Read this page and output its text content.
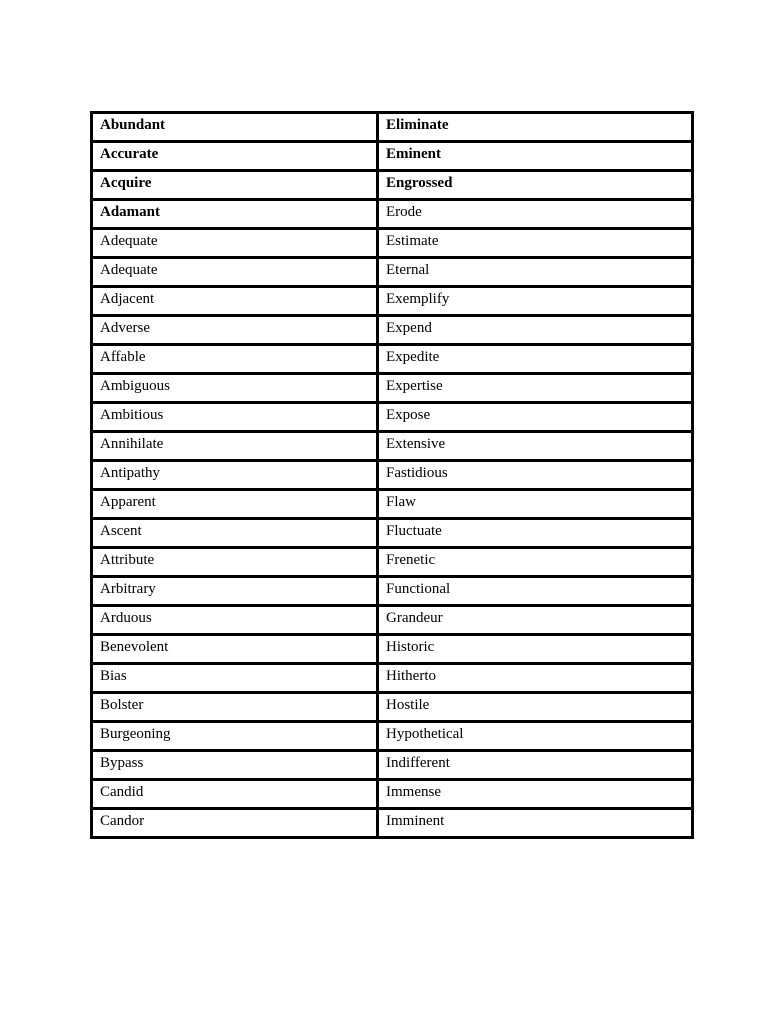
Abundant	Eliminate
Accurate	Eminent
Acquire	Engrossed
Adamant	Erode
Adequate	Estimate
Adequate	Eternal
Adjacent	Exemplify
Adverse	Expend
Affable	Expedite
Ambiguous	Expertise
Ambitious	Expose
Annihilate	Extensive
Antipathy	Fastidious
Apparent	Flaw
Ascent	Fluctuate
Attribute	Frenetic
Arbitrary	Functional
Arduous	Grandeur
Benevolent	Historic
Bias	Hitherto
Bolster	Hostile
Burgeoning	Hypothetical
Bypass	Indifferent
Candid	Immense
Candor	Imminent
